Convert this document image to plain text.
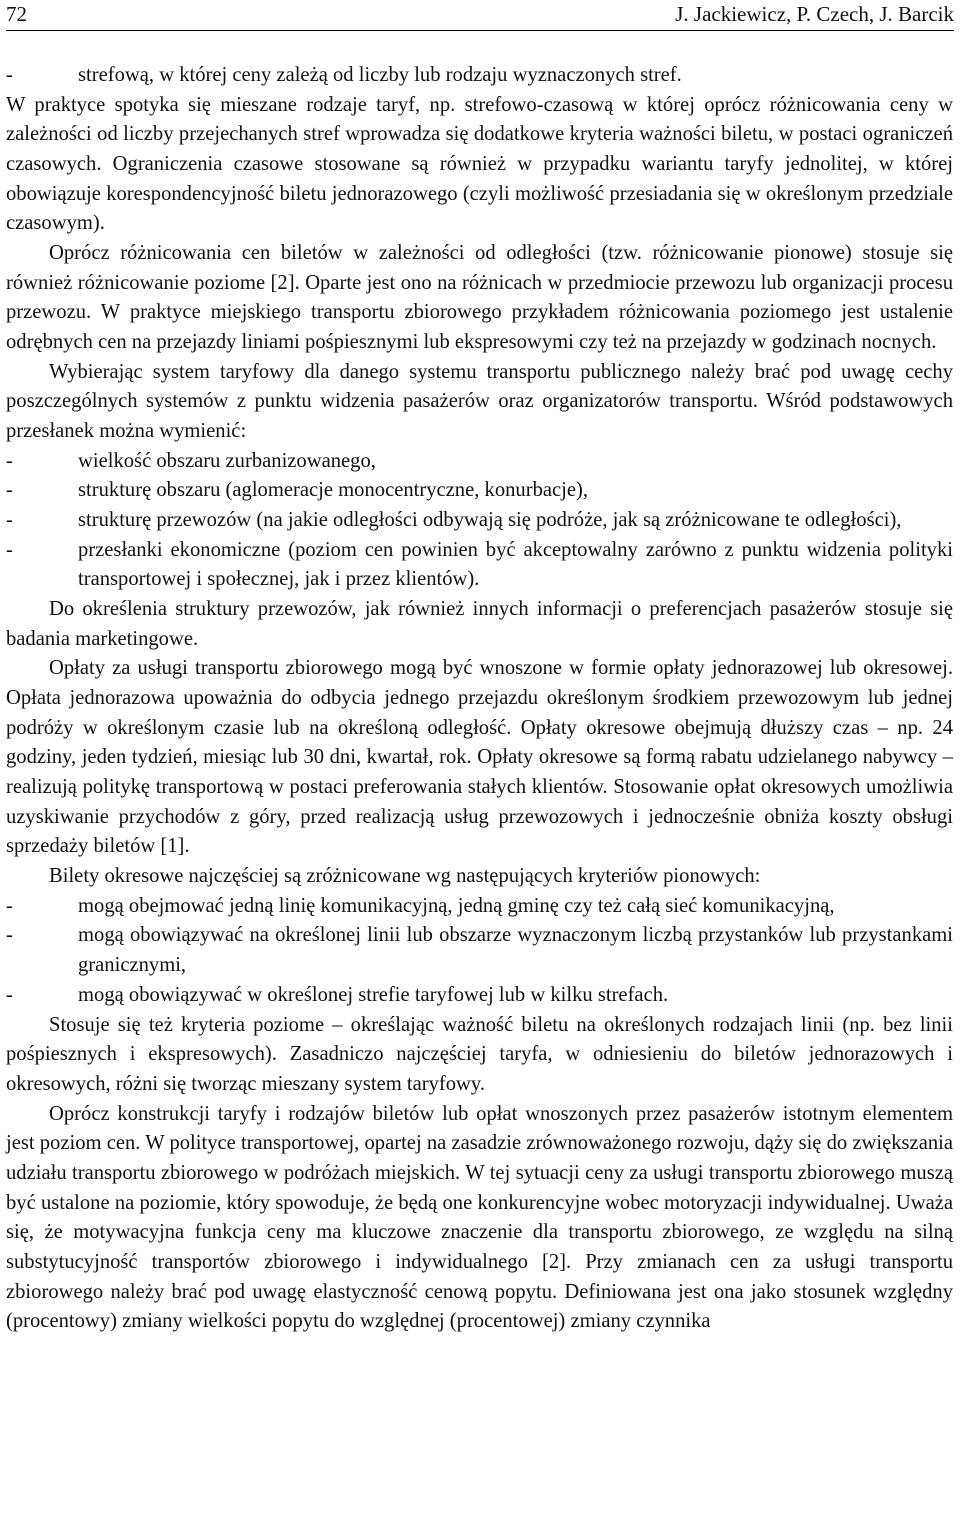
72	J. Jackiewicz, P. Czech, J. Barcik

-	strefową, w której ceny zależą od liczby lub rodzaju wyznaczonych stref.

W praktyce spotyka się mieszane rodzaje taryf, np. strefowo-czasową w której oprócz różnicowania ceny w zależności od liczby przejechanych stref wprowadza się dodatkowe kryteria ważności biletu, w postaci ograniczeń czasowych. Ograniczenia czasowe stosowane są również w przypadku wariantu taryfy jednolitej, w której obowiązuje korespondencyjność biletu jednorazowego (czyli możliwość przesiadania się w określonym przedziale czasowym).

Oprócz różnicowania cen biletów w zależności od odległości (tzw. różnicowanie pionowe) stosuje się również różnicowanie poziome [2]. Oparte jest ono na różnicach w przedmiocie przewozu lub organizacji procesu przewozu. W praktyce miejskiego transportu zbiorowego przykładem różnicowania poziomego jest ustalenie odrębnych cen na przejazdy liniami pośpiesznymi lub ekspresowymi czy też na przejazdy w godzinach nocnych.

Wybierając system taryfowy dla danego systemu transportu publicznego należy brać pod uwagę cechy poszczególnych systemów z punktu widzenia pasażerów oraz organizatorów transportu. Wśród podstawowych przesłanek można wymienić:

-	wielkość obszaru zurbanizowanego,

-	strukturę obszaru (aglomeracje monocentryczne, konurbacje),

-	strukturę przewozów (na jakie odległości odbywają się podróże, jak są zróżnicowane te odległości),

-	przesłanki ekonomiczne (poziom cen powinien być akceptowalny zarówno z punktu widzenia polityki transportowej i społecznej, jak i przez klientów).

Do określenia struktury przewozów, jak również innych informacji o preferencjach pasażerów stosuje się badania marketingowe.

Opłaty za usługi transportu zbiorowego mogą być wnoszone w formie opłaty jednorazowej lub okresowej. Opłata jednorazowa upoważnia do odbycia jednego przejazdu określonym środkiem przewozowym lub jednej podróży w określonym czasie lub na określoną odległość. Opłaty okresowe obejmują dłuższy czas – np. 24 godziny, jeden tydzień, miesiąc lub 30 dni, kwartał, rok. Opłaty okresowe są formą rabatu udzielanego nabywcy – realizują politykę transportową w postaci preferowania stałych klientów. Stosowanie opłat okresowych umożliwia uzyskiwanie przychodów z góry, przed realizacją usług przewozowych i jednocześnie obniża koszty obsługi sprzedaży biletów [1].

Bilety okresowe najczęściej są zróżnicowane wg następujących kryteriów pionowych:

-	mogą obejmować jedną linię komunikacyjną, jedną gminę czy też całą sieć komunikacyjną,

-	mogą obowiązywać na określonej linii lub obszarze wyznaczonym liczbą przystanków lub przystankami granicznymi,

-	mogą obowiązywać w określonej strefie taryfowej lub w kilku strefach.

Stosuje się też kryteria poziome – określając ważność biletu na określonych rodzajach linii (np. bez linii pośpiesznych i ekspresowych). Zasadniczo najczęściej taryfa, w odniesieniu do biletów jednorazowych i okresowych, różni się tworząc mieszany system taryfowy.

Oprócz konstrukcji taryfy i rodzajów biletów lub opłat wnoszonych przez pasażerów istotnym elementem jest poziom cen. W polityce transportowej, opartej na zasadzie zrównoważonego rozwoju, dąży się do zwiększania udziału transportu zbiorowego w podróżach miejskich. W tej sytuacji ceny za usługi transportu zbiorowego muszą być ustalone na poziomie, który spowoduje, że będą one konkurencyjne wobec motoryzacji indywidualnej. Uważa się, że motywacyjna funkcja ceny ma kluczowe znaczenie dla transportu zbiorowego, ze względu na silną substytucyjność transportów zbiorowego i indywidualnego [2]. Przy zmianach cen za usługi transportu zbiorowego należy brać pod uwagę elastyczność cenową popytu. Definiowana jest ona jako stosunek względny (procentowy) zmiany wielkości popytu do względnej (procentowej) zmiany czynnika
